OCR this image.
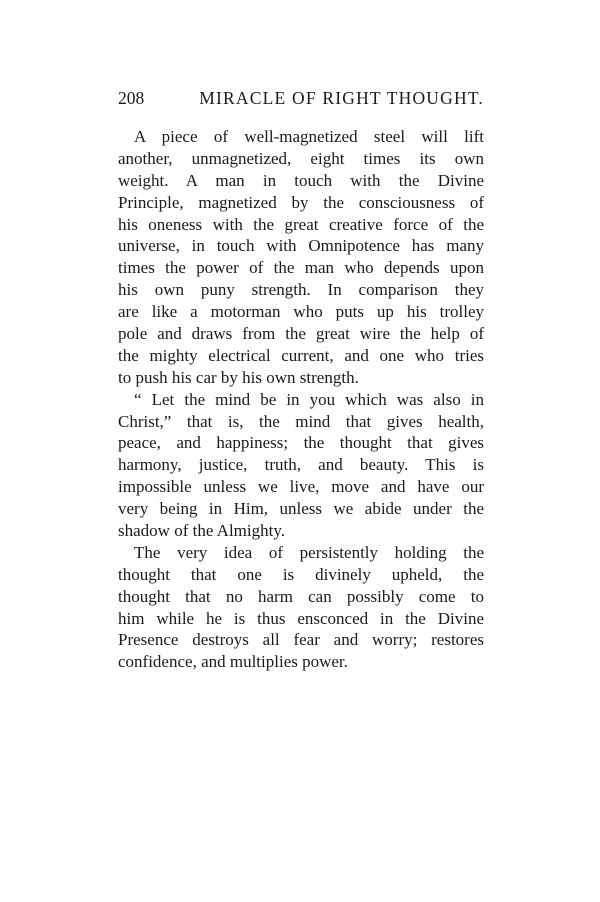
208	MIRACLE OF RIGHT THOUGHT.
A piece of well-magnetized steel will lift
another, unmagnetized, eight times its own
weight. A man in touch with the Divine
Principle, magnetized by the consciousness of
his oneness with the great creative force of the
universe, in touch with Omnipotence has many
times the power of the man who depends upon
his own puny strength. In comparison they
are like a motorman who puts up his trolley
pole and draws from the great wire the help of
the mighty electrical current, and one who tries
to push his car by his own strength.
“ Let the mind be in you which was also in
Christ,” that is, the mind that gives health,
peace, and happiness; the thought that gives
harmony, justice, truth, and beauty. This is
impossible unless we live, move and have our
very being in Him, unless we abide under the
shadow of the Almighty.
The very idea of persistently holding the
thought that one is divinely upheld, the
thought that no harm can possibly come to
him while he is thus ensconced in the Divine
Presence destroys all fear and worry; restores
confidence, and multiplies power.
